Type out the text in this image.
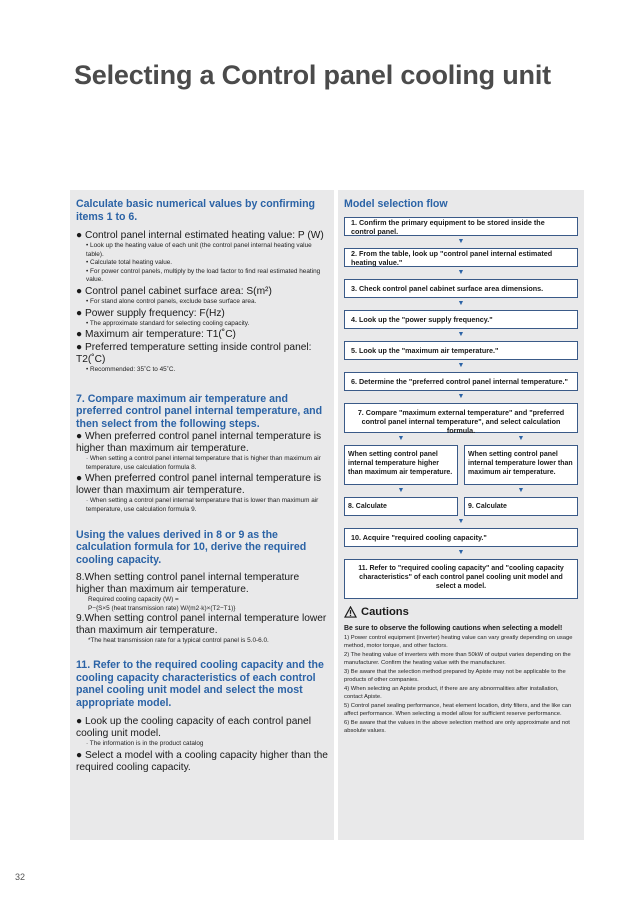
Selecting a Control panel cooling unit
Calculate basic numerical values by confirming items 1 to 6.
● Control panel internal estimated heating value: P (W)
• Look up the heating value of each unit (the control panel internal heating value table).
• Calculate total heating value.
• For power control panels, multiply by the load factor to find real estimated heating value.
● Control panel cabinet surface area: S(m²)
• For stand alone control panels, exclude base surface area.
● Power supply frequency: F(Hz)
• The approximate standard for selecting cooling capacity.
● Maximum air temperature: T1(˚C)
● Preferred temperature setting inside control panel: T2(˚C)
• Recommended: 35˚C to 45˚C.
7. Compare maximum air temperature and preferred control panel internal temperature, and then select from the following steps.
● When preferred control panel internal temperature is higher than maximum air temperature.
· When setting a control panel internal temperature that is higher than maximum air temperature, use calculation formula 8.
● When preferred control panel internal temperature is lower than maximum air temperature.
· When setting a control panel internal temperature that is lower than maximum air temperature, use calculation formula 9.
Using the values derived in 8 or 9 as the calculation formula for 10, derive the required cooling capacity.
8.When setting control panel internal temperature higher than maximum air temperature.
Required cooling capacity (W) =
P−{S×5 (heat transmission rate) W/(m2·k)×(T2−T1)}
9.When setting control panel internal temperature lower than maximum air temperature.
*The heat transmission rate for a typical control panel is 5.0-6.0.
11. Refer to the required cooling capacity and the cooling capacity characteristics of each control panel cooling unit model and select the most appropriate model.
● Look up the cooling capacity of each control panel cooling unit model.
· The information is in the product catalog
● Select a model with a cooling capacity higher than the required cooling capacity.
Model selection flow
1. Confirm the primary equipment to be stored inside the control panel.
▼
2. From the table, look up "control panel internal estimated heating value."
▼
3. Check control panel cabinet surface area dimensions.
▼
4. Look up the "power supply frequency."
▼
5. Look up the "maximum air temperature."
▼
6. Determine the "preferred control panel internal temperature."
▼
7. Compare "maximum external temperature" and "preferred control panel internal temperature", and select calculation formula.
▼
When setting control panel internal temperature higher than maximum air temperature.
▼
8. Calculate
▼
When setting control panel internal temperature lower than maximum air temperature.
▼
9. Calculate
▼
10. Acquire "required cooling capacity."
▼
11. Refer to "required cooling capacity" and "cooling capacity characteristics" of each control panel cooling unit model and select a model.
Cautions
Be sure to observe the following cautions when selecting a model!
1) Power control equipment (inverter) heating value can vary greatly depending on usage method, motor torque, and other factors.
2) The heating value of inverters with more than 50kW of output varies depending on the manufacturer. Confirm the heating value with the manufacturer.
3) Be aware that the selection method prepared by Apiste may not be applicable to the products of other companies.
4) When selecting an Apiste product, if there are any abnormalities after installation, contact Apiste.
5) Control panel sealing performance, heat element location, dirty filters, and the like can affect performance. When selecting a model allow for sufficient reserve performance.
6) Be aware that the values in the above selection method are only approximate and not absolute values.
32
